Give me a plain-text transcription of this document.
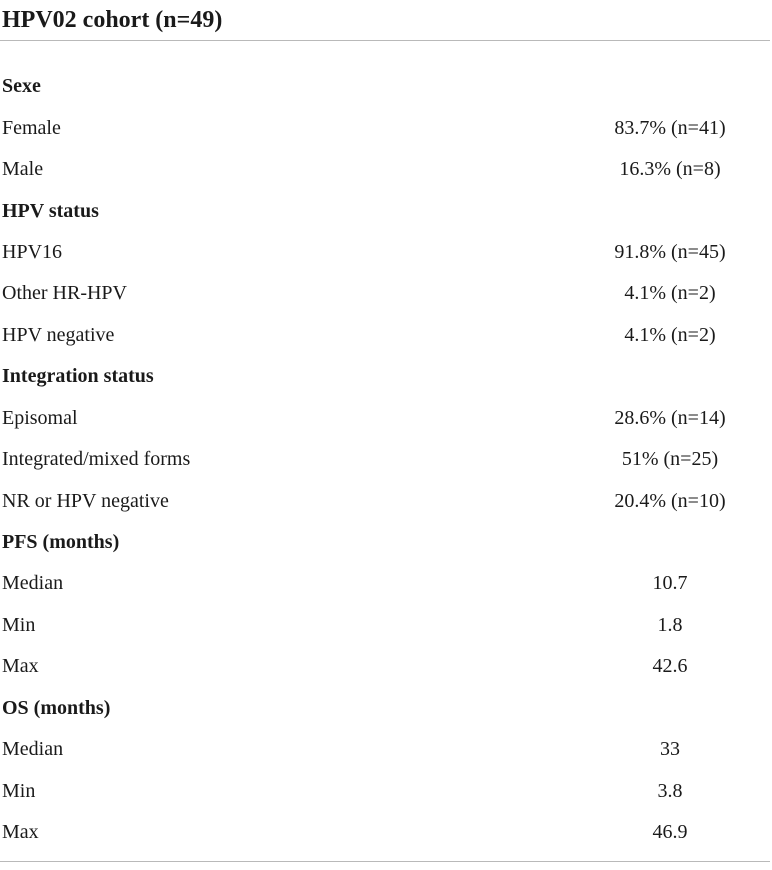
HPV02 cohort (n=49)
Sexe
Female	83.7% (n=41)
Male	16.3% (n=8)
HPV status
HPV16	91.8% (n=45)
Other HR-HPV	4.1% (n=2)
HPV negative	4.1% (n=2)
Integration status
Episomal	28.6% (n=14)
Integrated/mixed forms	51% (n=25)
NR or HPV negative	20.4% (n=10)
PFS (months)
Median	10.7
Min	1.8
Max	42.6
OS (months)
Median	33
Min	3.8
Max	46.9
